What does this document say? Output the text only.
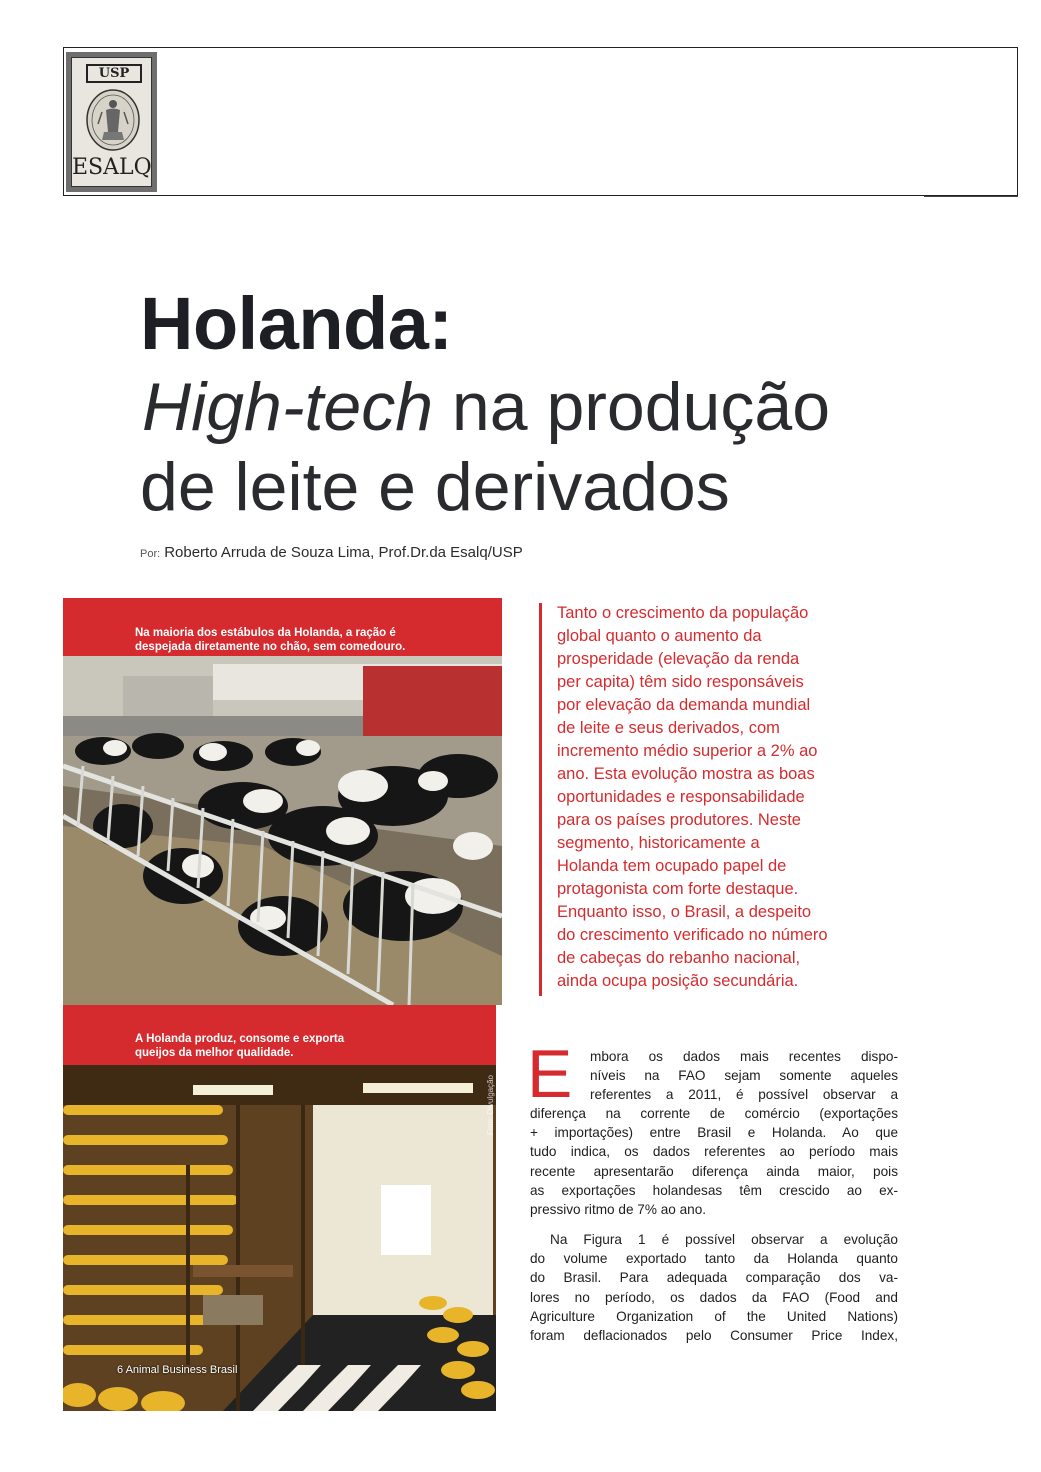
USP
ESALQ
Holanda:
High-tech na produção
de leite e derivados
Por: Roberto Arruda de Souza Lima, Prof.Dr.da Esalq/USP
Na maioria dos estábulos da Holanda, a ração é
despejada diretamente no chão, sem comedouro.
A Holanda produz, consome e exporta
queijos da melhor qualidade.
Foto: Divulgação
6 Animal Business Brasil
Tanto o crescimento da população
global quanto o aumento da
prosperidade (elevação da renda
per capita) têm sido responsáveis
por elevação da demanda mundial
de leite e seus derivados, com
incremento médio superior a 2% ao
ano. Esta evolução mostra as boas
oportunidades e responsabilidade
para os países produtores. Neste
segmento, historicamente a
Holanda tem ocupado papel de
protagonista com forte destaque.
Enquanto isso, o Brasil, a despeito
do crescimento verificado no número
de cabeças do rebanho nacional,
ainda ocupa posição secundária.
E mbora os dados mais recentes dispo-
níveis na FAO sejam somente aqueles
referentes a 2011, é possível observar a
diferença na corrente de comércio (exportações
+ importações) entre Brasil e Holanda. Ao que
tudo indica, os dados referentes ao período mais
recente apresentarão diferença ainda maior, pois
as exportações holandesas têm crescido ao ex-
pressivo ritmo de 7% ao ano.
Na Figura 1 é possível observar a evolução
do volume exportado tanto da Holanda quanto
do Brasil. Para adequada comparação dos va-
lores no período, os dados da FAO (Food and
Agriculture Organization of the United Nations)
foram deflacionados pelo Consumer Price Index,
